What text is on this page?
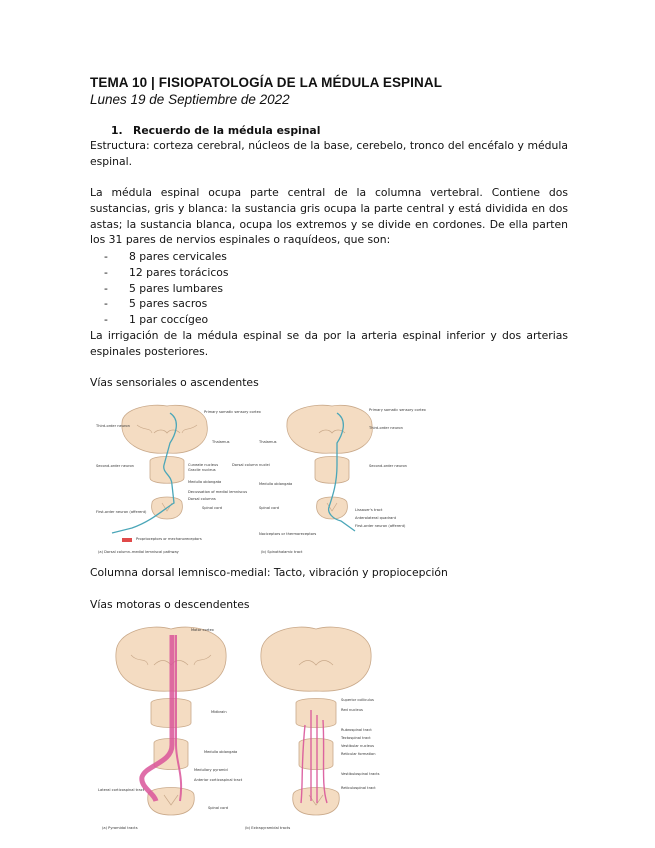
TEMA 10 | FISIOPATOLOGÍA DE LA MÉDULA ESPINAL
Lunes 19 de Septiembre de 2022
1. Recuerdo de la médula espinal
Estructura: corteza cerebral, núcleos de la base, cerebelo, tronco del encéfalo y médula espinal.
La médula espinal ocupa parte central de la columna vertebral. Contiene dos sustancias, gris y blanca: la sustancia gris ocupa la parte central y está dividida en dos astas; la sustancia blanca, ocupa los extremos y se divide en cordones. De ella parten los 31 pares de nervios espinales o raquídeos, que son:
- 8 pares cervicales
- 12 pares torácicos
- 5 pares lumbares
- 5 pares sacros
- 1 par coccígeo
La irrigación de la médula espinal se da por la arteria espinal inferior y dos arterias espinales posteriores.
Vías sensoriales o ascendentes
Primary somatic sensory cortex
Third-order neuron
Thalamus
Second-order neuron	Cuneate nucleus
Gracile nucleus
Dorsal column nuclei
Medulla oblongata
Decussation of medial lemniscus
Dorsal columns
Spinal cord
First-order neuron (afferent)
Proprioceptors or mechanoreceptors
(a) Dorsal column–medial lemniscal pathway
Primary somatic sensory cortex
Third-order neuron
Thalamus
Second-order neuron
Medulla oblongata
Spinal cord	Lissauer's tract
Anterolateral quadrant
First-order neuron (afferent)
Nociceptors or thermoreceptors
(b) Spinothalamic tract
Columna dorsal lemnisco-medial: Tacto, vibración y propiocepción
Vías motoras o descendentes
Motor cortex
Midbrain
Medulla oblongata
Medullary pyramid
Lateral corticospinal tract
Anterior corticospinal tract
Spinal cord
(a) Pyramidal tracts
Superior colliculus
Red nucleus
Rubrospinal tract
Tectospinal tract
Vestibular nucleus
Reticular formation
Vestibulospinal tracts
Reticulospinal tract
(b) Extrapyramidal tracts
